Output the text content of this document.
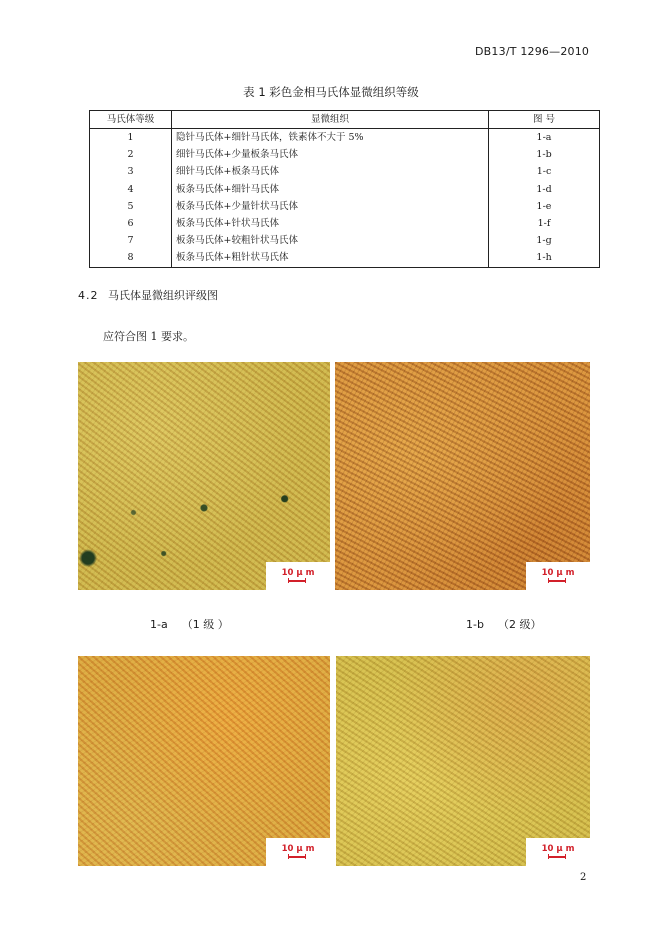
DB13/T 1296—2010
表 1 彩色金相马氏体显微组织等级
马氏体等级	显微组织	图 号
1	隐针马氏体+细针马氏体，铁素体不大于 5%	1-a
2	细针马氏体+少量板条马氏体	1-b
3	细针马氏体+板条马氏体	1-c
4	板条马氏体+细针马氏体	1-d
5	板条马氏体+少量针状马氏体	1-e
6	板条马氏体+针状马氏体	1-f
7	板条马氏体+较粗针状马氏体	1-g
8	板条马氏体+粗针状马氏体	1-h
4.2 马氏体显微组织评级图
应符合图 1 要求。
10 μ m	10 μ m
1-a （1 级 ）	1-b （2 级）
10 μ m	10 μ m
2
